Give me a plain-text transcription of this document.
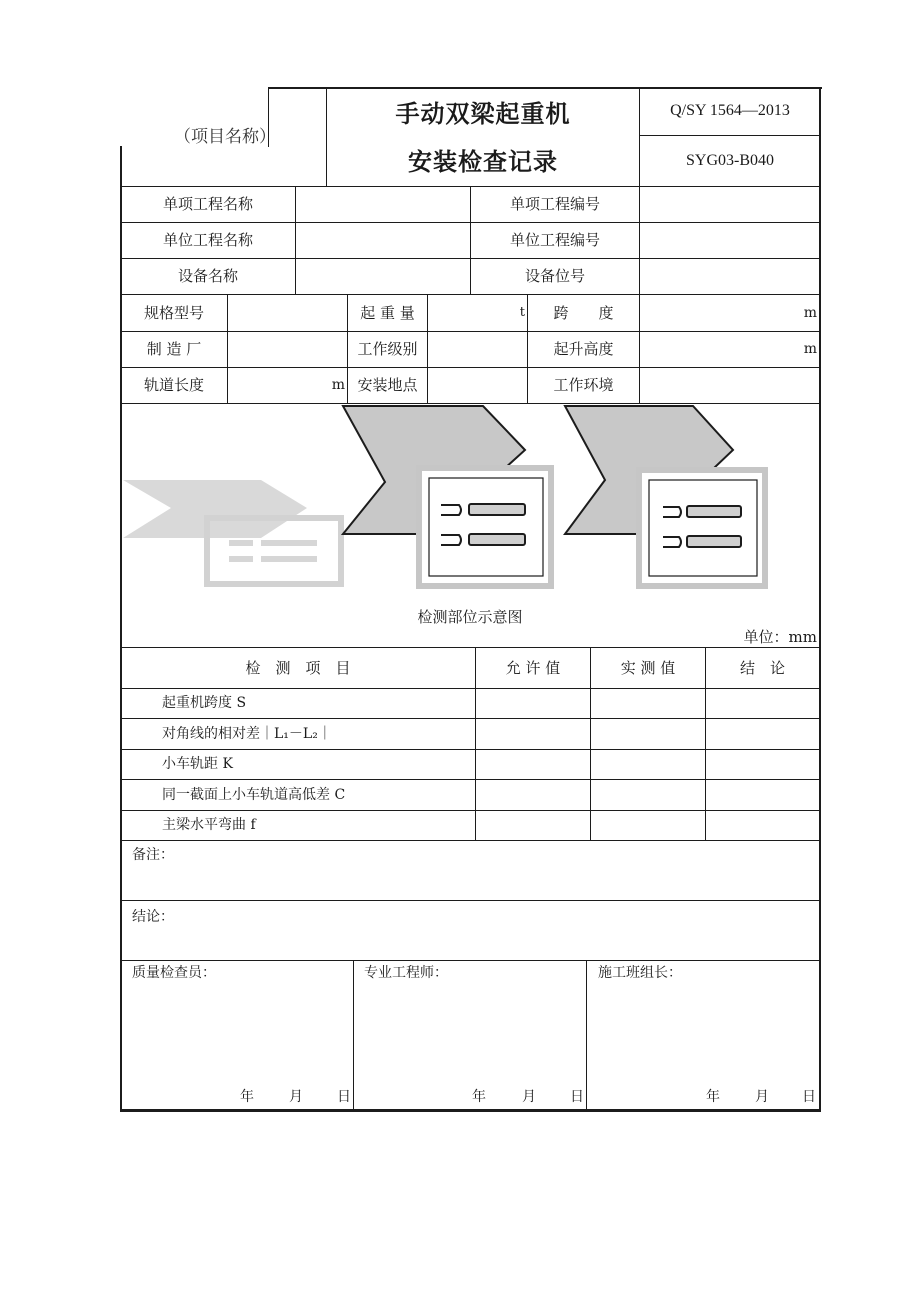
（项目名称）
手动双梁起重机
安装检查记录
Q/SY 1564—2013
SYG03-B040
单项工程名称	单项工程编号
单位工程名称	单位工程编号
设备名称	设备位号
规格型号	起 重 量	t	跨　　度	m
制 造 厂	工作级别	起升高度	m
轨道长度	m 安装地点	工作环境
检测部位示意图
单位：mm
检　测　项　目	允 许 值	实 测 值	结　论
起重机跨度 S
对角线的相对差｜L₁－L₂｜
小车轨距 K
同一截面上小车轨道高低差 C
主梁水平弯曲 f
备注：
结论：
质量检查员：
年	月 日
专业工程师：
年	月 日
施工班组长：
年	月 日
